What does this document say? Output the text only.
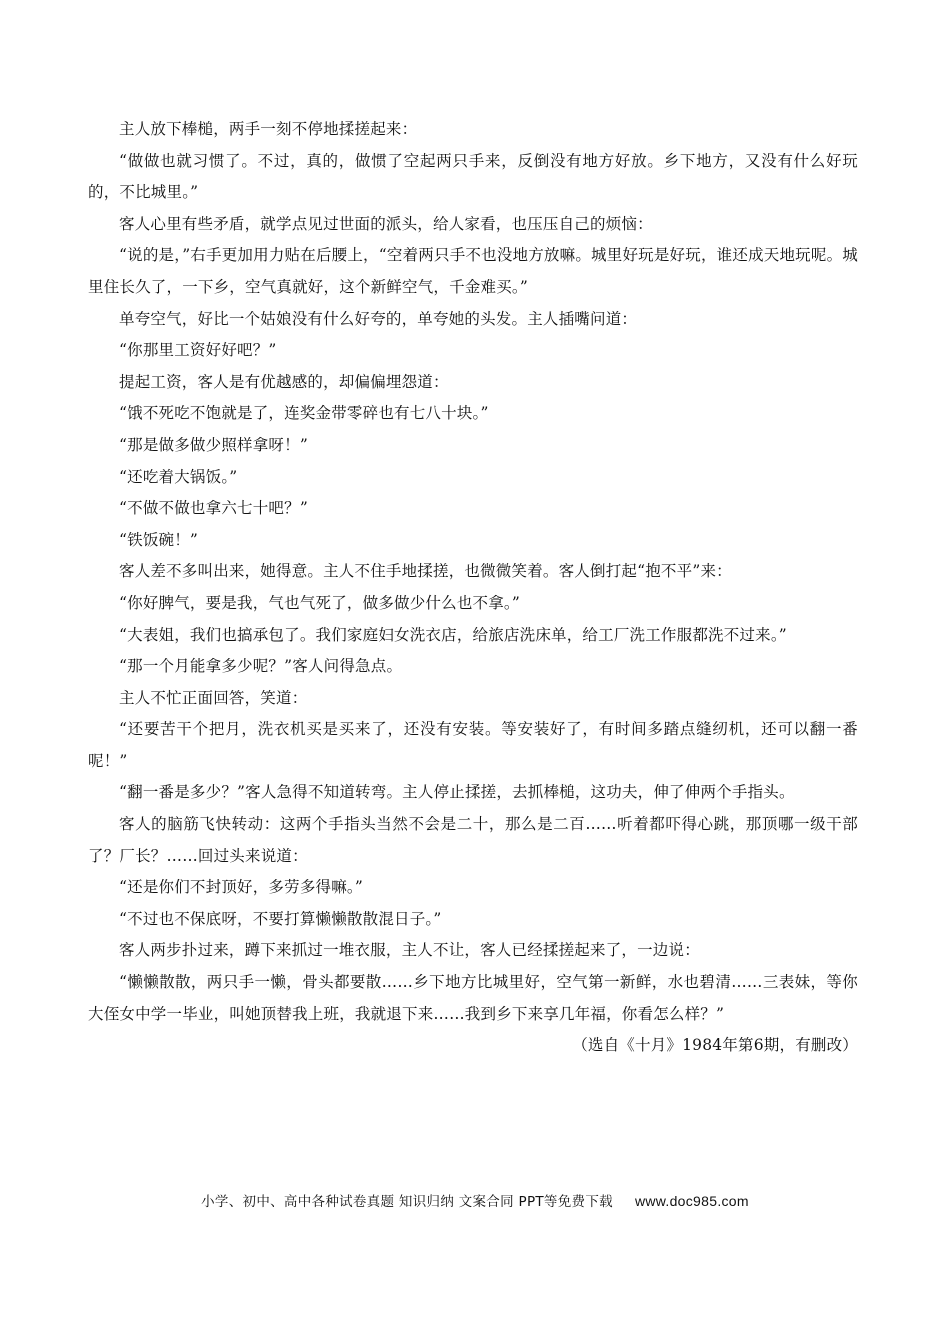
主人放下棒槌，两手一刻不停地揉搓起来：

“做做也就习惯了。不过，真的，做惯了空起两只手来，反倒没有地方好放。乡下地方，又没有什么好玩的，不比城里。”

客人心里有些矛盾，就学点见过世面的派头，给人家看，也压压自己的烦恼：

“说的是，”右手更加用力贴在后腰上，“空着两只手不也没地方放嘛。城里好玩是好玩，谁还成天地玩呢。城里住长久了，一下乡，空气真就好，这个新鲜空气，千金难买。”

单夸空气，好比一个姑娘没有什么好夸的，单夸她的头发。主人插嘴问道：

“你那里工资好好吧？”

提起工资，客人是有优越感的，却偏偏埋怨道：

“饿不死吃不饱就是了，连奖金带零碎也有七八十块。”

“那是做多做少照样拿呀！”

“还吃着大锅饭。”

“不做不做也拿六七十吧？”

“铁饭碗！”

客人差不多叫出来，她得意。主人不住手地揉搓，也微微笑着。客人倒打起“抱不平”来：

“你好脾气，要是我，气也气死了，做多做少什么也不拿。”

“大表姐，我们也搞承包了。我们家庭妇女洗衣店，给旅店洗床单，给工厂洗工作服都洗不过来。”

“那一个月能拿多少呢？”客人问得急点。

主人不忙正面回答，笑道：

“还要苦干个把月，洗衣机买是买来了，还没有安装。等安装好了，有时间多踏点缝纫机，还可以翻一番呢！”

“翻一番是多少？”客人急得不知道转弯。主人停止揉搓，去抓棒槌，这功夫，伸了伸两个手指头。

客人的脑筋飞快转动：这两个手指头当然不会是二十，那么是二百……听着都吓得心跳，那顶哪一级干部了？厂长？……回过头来说道：

“还是你们不封顶好，多劳多得嘛。”

“不过也不保底呀，不要打算懒懒散散混日子。”

客人两步扑过来，蹲下来抓过一堆衣服，主人不让，客人已经揉搓起来了，一边说：

“懒懒散散，两只手一懒，骨头都要散……乡下地方比城里好，空气第一新鲜，水也碧清……三表妹，等你大侄女中学一毕业，叫她顶替我上班，我就退下来……我到乡下来享几年福，你看怎么样？”

（选自《十月》1984年第6期，有删改）

小学、初中、高中各种试卷真题 知识归纳 文案合同 PPT等免费下载 www.doc985.com
